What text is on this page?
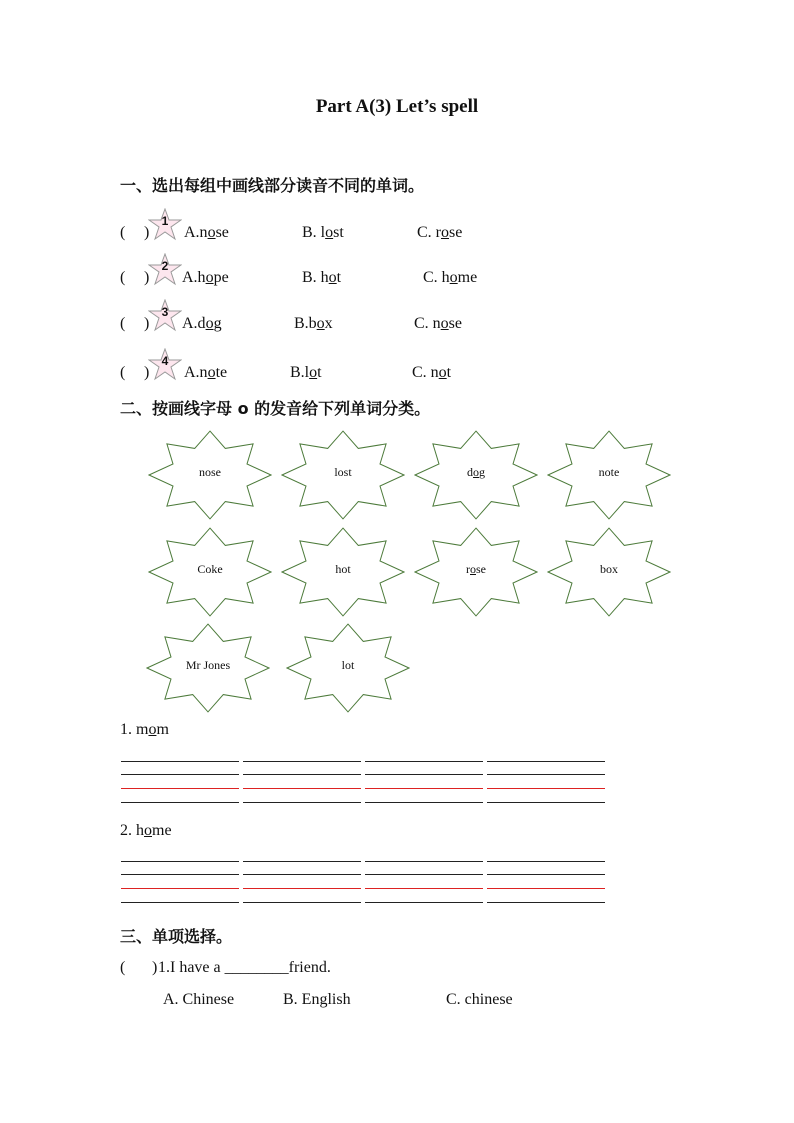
Part A(3) Let’s spell
一、选出每组中画线部分读音不同的单词。
( )
1
A.nose	B. lost	C. rose
( )
2
A.hope	B. hot	C. home
( )
3
A.dog	B.box	C. nose
( )
4
A.note	B.lot	C. not
二、按画线字母 o 的发音给下列单词分类。
nose	lost	dog	note
Coke	hot	rose	box
Mr Jones	lot
1. mom
2. home
三、单项选择。
( ) 1.I have a ________friend.
A. Chinese	B. English	C. chinese
